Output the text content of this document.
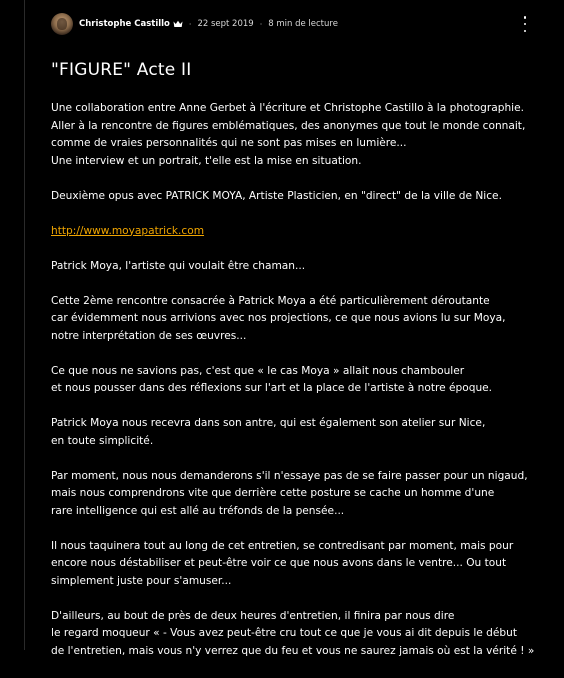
Christophe Castillo · 22 sept 2019 · 8 min de lecture
"FIGURE" Acte II
Une collaboration entre Anne Gerbet à l'écriture et Christophe Castillo à la photographie.
Aller à la rencontre de figures emblématiques, des anonymes que tout le monde connait,
comme de vraies personnalités qui ne sont pas mises en lumière...
Une interview et un portrait, t'elle est la mise en situation.
Deuxième opus avec PATRICK MOYA, Artiste Plasticien, en "direct" de la ville de Nice.
http://www.moyapatrick.com
Patrick Moya, l'artiste qui voulait être chaman...
Cette 2ème rencontre consacrée à Patrick Moya a été particulièrement déroutante
car évidemment nous arrivions avec nos projections, ce que nous avions lu sur Moya,
notre interprétation de ses œuvres...
Ce que nous ne savions pas, c'est que « le cas Moya » allait nous chambouler
et nous pousser dans des réflexions sur l'art et la place de l'artiste à notre époque.
Patrick Moya nous recevra dans son antre, qui est également son atelier sur Nice,
en toute simplicité.
Par moment, nous nous demanderons s'il n'essaye pas de se faire passer pour un nigaud,
mais nous comprendrons vite que derrière cette posture se cache un homme d'une
rare intelligence qui est allé au tréfonds de la pensée...
Il nous taquinera tout au long de cet entretien, se contredisant par moment, mais pour
encore nous déstabiliser et peut-être voir ce que nous avons dans le ventre... Ou tout
simplement juste pour s'amuser...
D'ailleurs, au bout de près de deux heures d'entretien, il finira par nous dire
le regard moqueur « - Vous avez peut-être cru tout ce que je vous ai dit depuis le début
de l'entretien, mais vous n'y verrez que du feu et vous ne saurez jamais où est la vérité ! »
